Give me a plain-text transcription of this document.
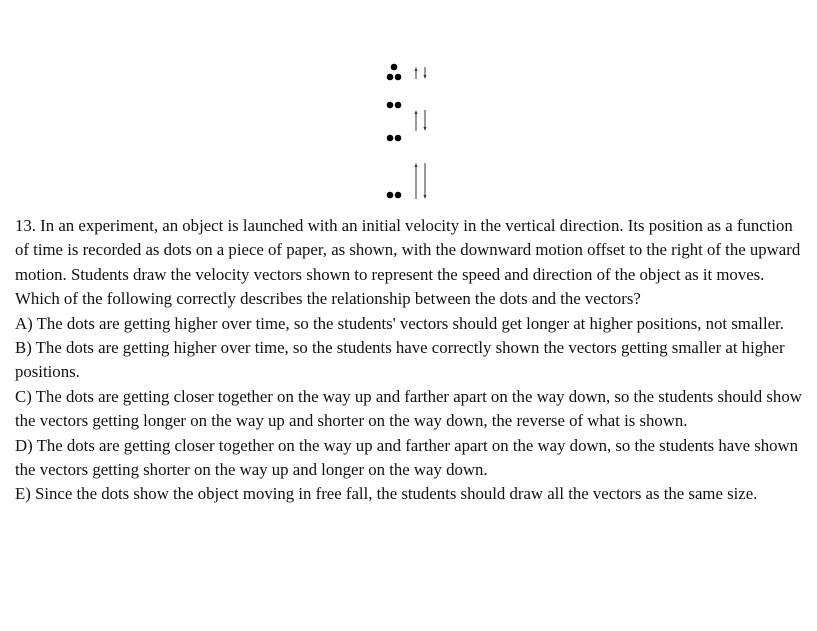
13. In an experiment, an object is launched with an initial velocity in the vertical direction. Its position as a function of time is recorded as dots on a piece of paper, as shown, with the downward motion offset to the right of the upward motion. Students draw the velocity vectors shown to represent the speed and direction of the object as it moves. Which of the following correctly describes the relationship between the dots and the vectors?

A) The dots are getting higher over time, so the students' vectors should get longer at higher positions, not smaller.

B) The dots are getting higher over time, so the students have correctly shown the vectors getting smaller at higher positions.

C) The dots are getting closer together on the way up and farther apart on the way down, so the students should show the vectors getting longer on the way up and shorter on the way down, the reverse of what is shown.

D) The dots are getting closer together on the way up and farther apart on the way down, so the students have shown the vectors getting shorter on the way up and longer on the way down.

E) Since the dots show the object moving in free fall, the students should draw all the vectors as the same size.
